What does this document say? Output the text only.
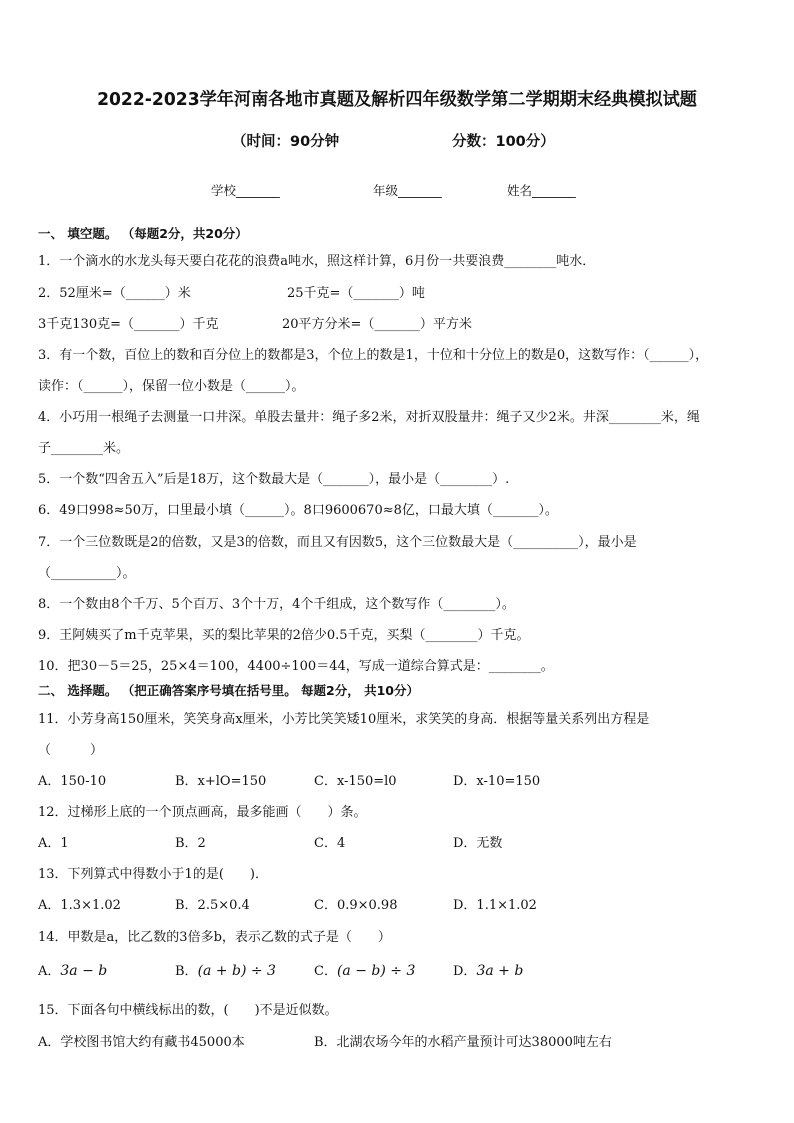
2022-2023学年河南各地市真题及解析四年级数学第二学期期末经典模拟试题
（时间：90分钟	分数：100分）
学校_______	年级_______	姓名_______
一、 填空题。 （每题2分，共20分）
1．一个滴水的水龙头每天要白花花的浪费a吨水，照这样计算，6月份一共要浪费________吨水．
2．52厘米=（______）米	25千克=（_______）吨
3千克130克=（_______）千克	20平方分米=（_______）平方米
3．有一个数，百位上的数和百分位上的数都是3，个位上的数是1，十位和十分位上的数是0，这数写作：（______），
读作：（______），保留一位小数是（______）。
4．小巧用一根绳子去测量一口井深。单股去量井：绳子多2米，对折双股量井：绳子又少2米。井深________米，绳
子________米。
5．一个数“四舍五入”后是18万，这个数最大是（_______），最小是（________）.
6．49口998≈50万，口里最小填（______）。8口9600670≈8亿，口最大填（_______）。
7．一个三位数既是2的倍数，又是3的倍数，而且又有因数5，这个三位数最大是（__________），最小是
（__________）。
8．一个数由8个千万、5个百万、3个十万，4个千组成，这个数写作（________）。
9．王阿姨买了m千克苹果，买的梨比苹果的2倍少0.5千克，买梨（________）千克。
10．把30－5＝25，25×4＝100，4400÷100＝44，写成一道综合算式是：________。
二、 选择题。 （把正确答案序号填在括号里。 每题2分， 共10分）
11．小芳身高150厘米，笑笑身高x厘米，小芳比笑笑矮10厘米，求笑笑的身高．根据等量关系列出方程是
（　　　）
A．150-10	B．x+lO=150	C．x-150=l0	D．x-10=150
12．过梯形上底的一个顶点画高，最多能画（　　）条。
A．1	B．2	C．4	D．无数
13．下列算式中得数小于1的是(　　)．
A．1.3×1.02	B．2.5×0.4	C．0.9×0.98	D．1.1×1.02
14．甲数是a，比乙数的3倍多b，表示乙数的式子是（　　）
A．3a − b	B．(a + b) ÷ 3	C．(a − b) ÷ 3	D．3a + b
15．下面各句中横线标出的数，(　　)不是近似数。
A．学校图书馆大约有藏书45000本	B．北湖农场今年的水稻产量预计可达38000吨左右
